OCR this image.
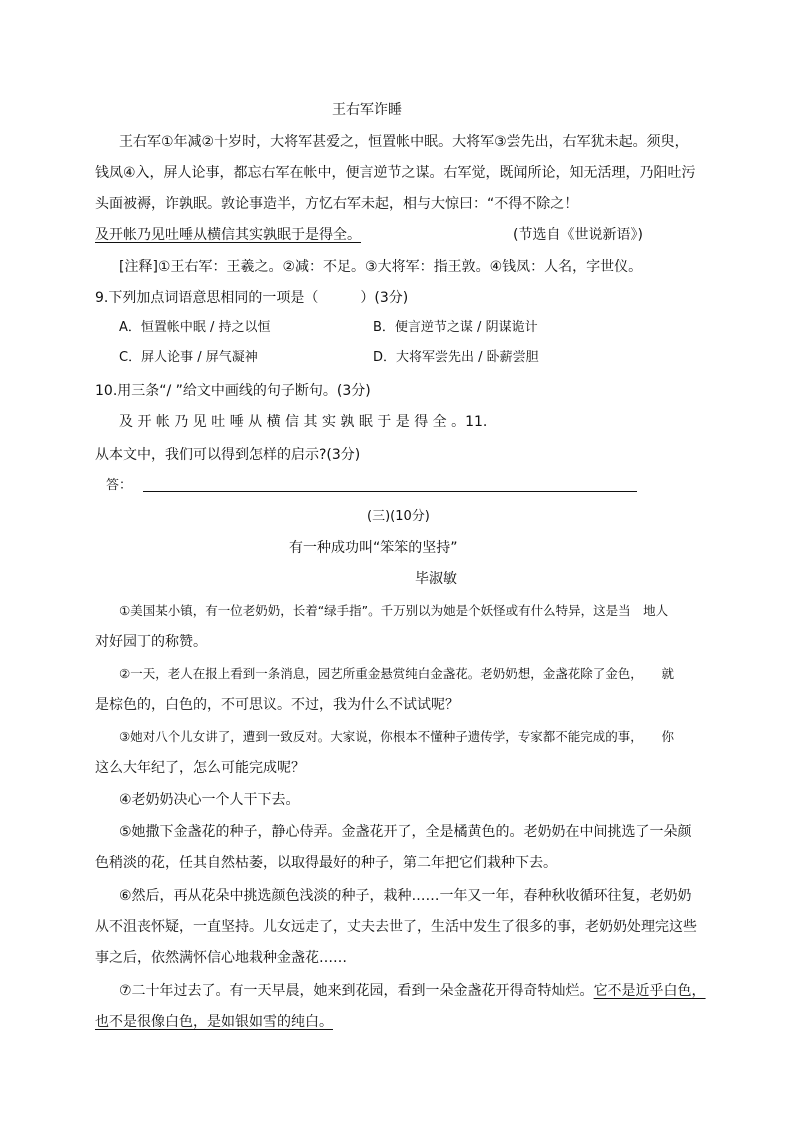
王右军诈睡
王右军①年减②十岁时，大将军甚爱之，恒置帐中眠。大将军③尝先出，右军犹未起。须臾，
钱凤④入，屏人论事，都忘右军在帐中，便言逆节之谋。右军觉，既闻所论，知无活理，乃阳吐污
头面被褥，诈孰眠。敦论事造半，方忆右军未起，相与大惊曰：“不得不除之！
及开帐乃见吐唾从横信其实孰眠于是得全。	(节选自《世说新语》)
[注释]①王右军：王羲之。②减：不足。③大将军：指王敦。④钱凤：人名，字世仪。
9.下列加点词语意思相同的一项是（　　　）(3分)
A．恒置帐中眠 / 持之以恒	B．便言逆节之谋 / 阴谋诡计
C．屏人论事 / 屏气凝神	D．大将军尝先出 / 卧薪尝胆
10.用三条“/ ”给文中画线的句子断句。(3分)
及 开 帐 乃 见 吐 唾 从 横 信 其 实 孰 眠 于 是 得 全 。11.
从本文中，我们可以得到怎样的启示?(3分)
答：
(三)(10分)
有一种成功叫“笨笨的坚持”
毕淑敏
①美国某小镇，有一位老奶奶，长着“绿手指”。千万别以为她是个妖怪或有什么特异，这是当　地人
对好园丁的称赞。
②一天，老人在报上看到一条消息，园艺所重金悬赏纯白金盏花。老奶奶想，金盏花除了金色，　　就
是棕色的，白色的，不可思议。不过，我为什么不试试呢？
③她对八个儿女讲了，遭到一致反对。大家说，你根本不懂种子遗传学，专家都不能完成的事，　　你
这么大年纪了，怎么可能完成呢？
④老奶奶决心一个人干下去。
⑤她撒下金盏花的种子，静心侍弄。金盏花开了，全是橘黄色的。老奶奶在中间挑选了一朵颜
色稍淡的花，任其自然枯萎，以取得最好的种子，第二年把它们栽种下去。
⑥然后，再从花朵中挑选颜色浅淡的种子，栽种……一年又一年，春种秋收循环往复，老奶奶
从不沮丧怀疑，一直坚持。儿女远走了，丈夫去世了，生活中发生了很多的事，老奶奶处理完这些
事之后，依然满怀信心地栽种金盏花……
⑦二十年过去了。有一天早晨，她来到花园，看到一朵金盏花开得奇特灿烂。它不是近乎白色，
也不是很像白色，是如银如雪的纯白。
